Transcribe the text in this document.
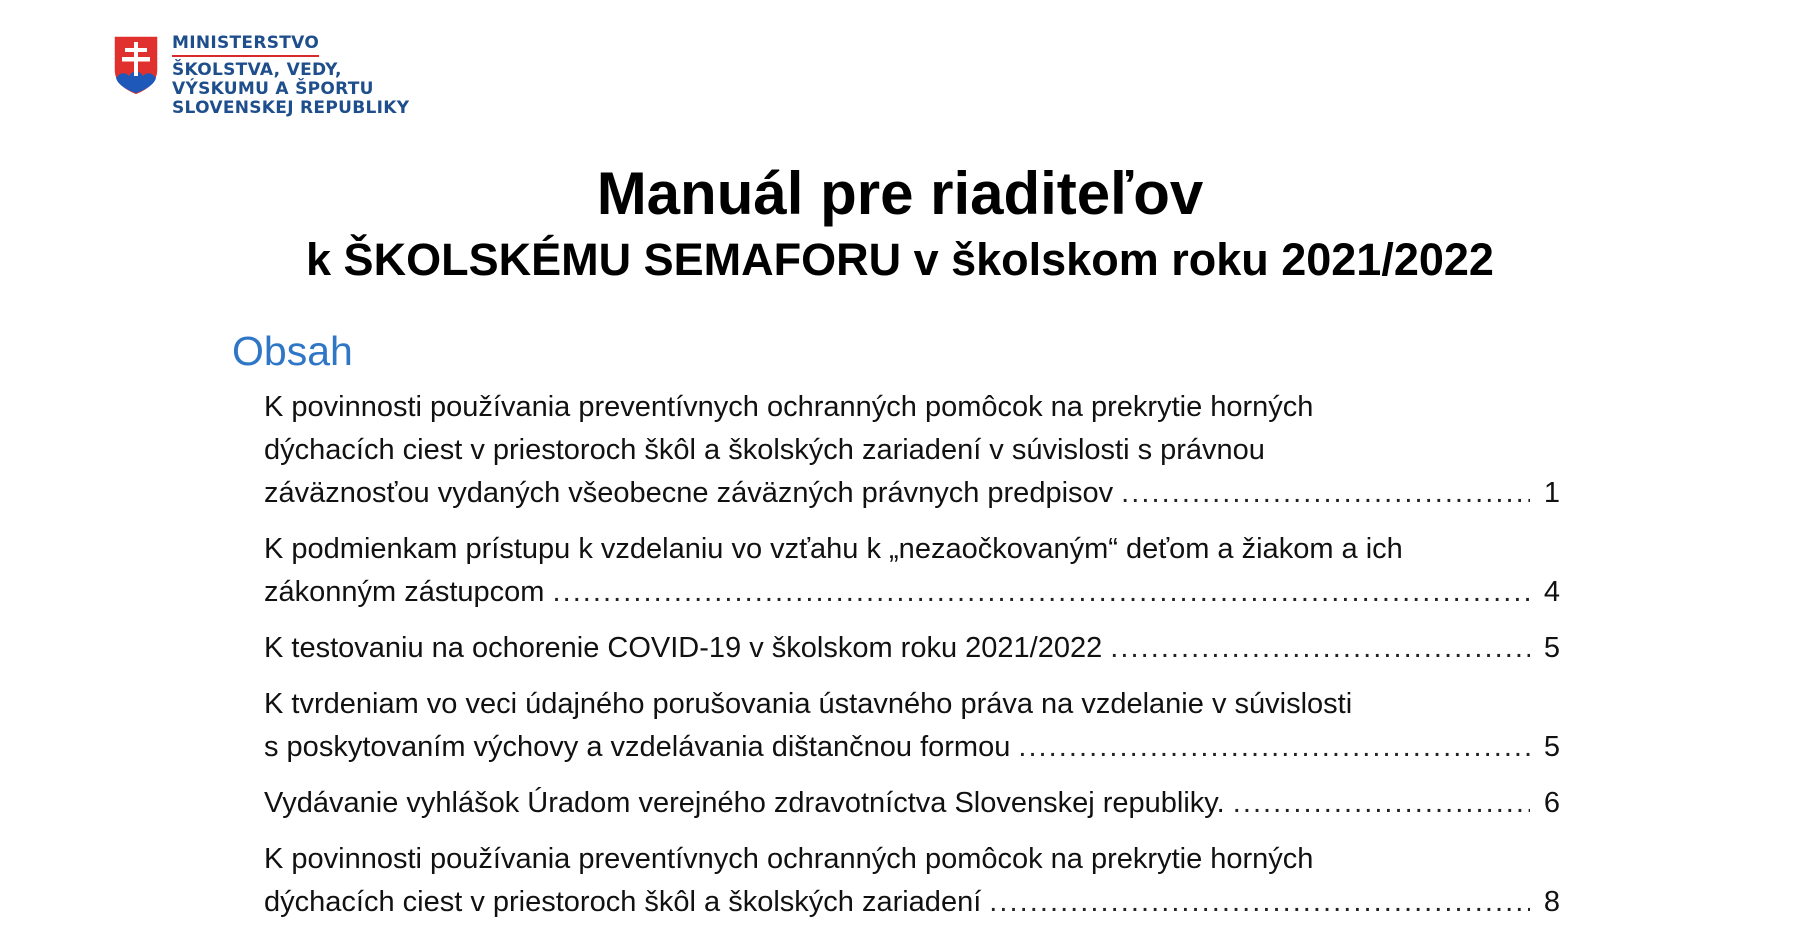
MINISTERSTVO
ŠKOLSTVA, VEDY,
VÝSKUMU A ŠPORTU
SLOVENSKEJ REPUBLIKY
Manuál pre riaditeľov
k ŠKOLSKÉMU SEMAFORU v školskom roku 2021/2022
Obsah
K povinnosti používania preventívnych ochranných pomôcok na prekrytie horných
dýchacích ciest v priestoroch škôl a školských zariadení v súvislosti s právnou
záväznosťou vydaných všeobecne záväzných právnych predpisov . . .	1
K podmienkam prístupu k vzdelaniu vo vzťahu k „nezaočkovaným“ deťom a žiakom a ich
zákonným zástupcom . . .	4
K testovaniu na ochorenie COVID-19 v školskom roku 2021/2022 . . .	5
K tvrdeniam vo veci údajného porušovania ústavného práva na vzdelanie v súvislosti
s poskytovaním výchovy a vzdelávania dištančnou formou . . .	5
Vydávanie vyhlášok Úradom verejného zdravotníctva Slovenskej republiky. . . .	6
K povinnosti používania preventívnych ochranných pomôcok na prekrytie horných
dýchacích ciest v priestoroch škôl a školských zariadení . . .	8
